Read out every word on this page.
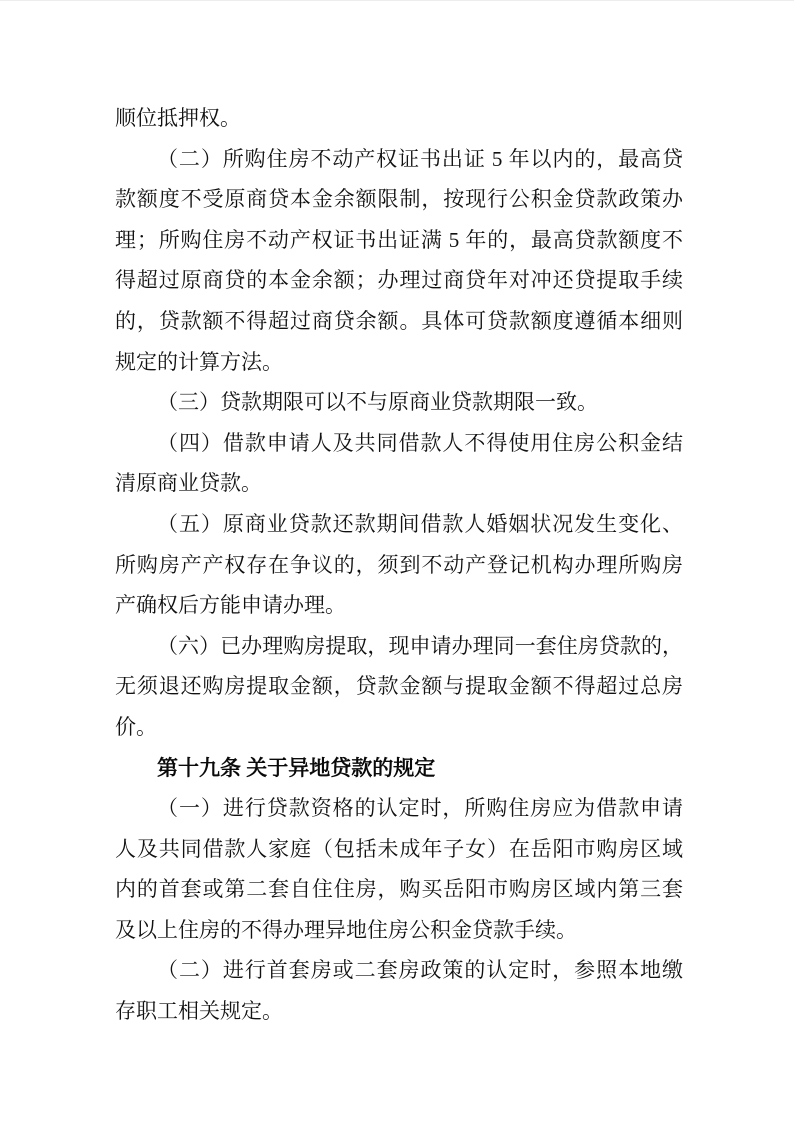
顺位抵押权。
（二）所购住房不动产权证书出证 5 年以内的，最高贷
款额度不受原商贷本金余额限制，按现行公积金贷款政策办
理；所购住房不动产权证书出证满 5 年的，最高贷款额度不
得超过原商贷的本金余额；办理过商贷年对冲还贷提取手续
的，贷款额不得超过商贷余额。具体可贷款额度遵循本细则
规定的计算方法。
（三）贷款期限可以不与原商业贷款期限一致。
（四）借款申请人及共同借款人不得使用住房公积金结
清原商业贷款。
（五）原商业贷款还款期间借款人婚姻状况发生变化、
所购房产产权存在争议的，须到不动产登记机构办理所购房
产确权后方能申请办理。
（六）已办理购房提取，现申请办理同一套住房贷款的，
无须退还购房提取金额，贷款金额与提取金额不得超过总房
价。
第十九条 关于异地贷款的规定
（一）进行贷款资格的认定时，所购住房应为借款申请
人及共同借款人家庭（包括未成年子女）在岳阳市购房区域
内的首套或第二套自住住房，购买岳阳市购房区域内第三套
及以上住房的不得办理异地住房公积金贷款手续。
（二）进行首套房或二套房政策的认定时，参照本地缴
存职工相关规定。
